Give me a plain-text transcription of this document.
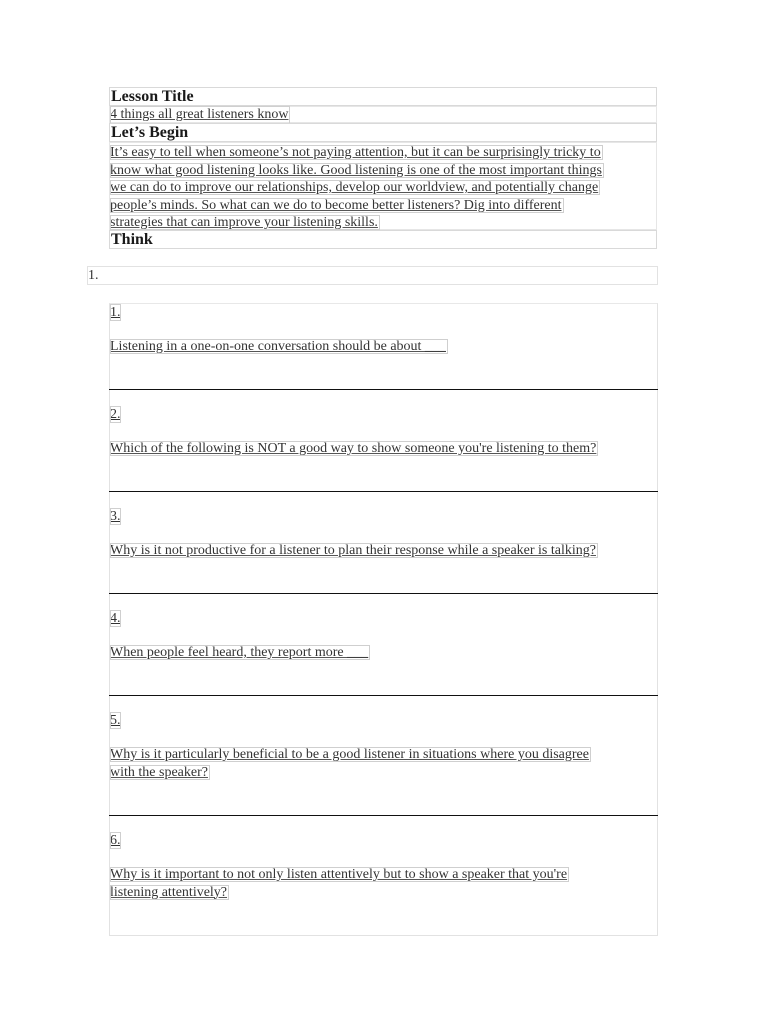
Lesson Title
4 things all great listeners know
Let’s Begin
It’s easy to tell when someone’s not paying attention, but it can be surprisingly tricky to
know what good listening looks like. Good listening is one of the most important things
we can do to improve our relationships, develop our worldview, and potentially change
people’s minds. So what can we do to become better listeners? Dig into different
strategies that can improve your listening skills.
Think
1.
1.
Listening in a one-on-one conversation should be about ___
2.
Which of the following is NOT a good way to show someone you're listening to them?
3.
Why is it not productive for a listener to plan their response while a speaker is talking?
4.
When people feel heard, they report more ___
5.
Why is it particularly beneficial to be a good listener in situations where you disagree
with the speaker?
6.
Why is it important to not only listen attentively but to show a speaker that you're
listening attentively?
